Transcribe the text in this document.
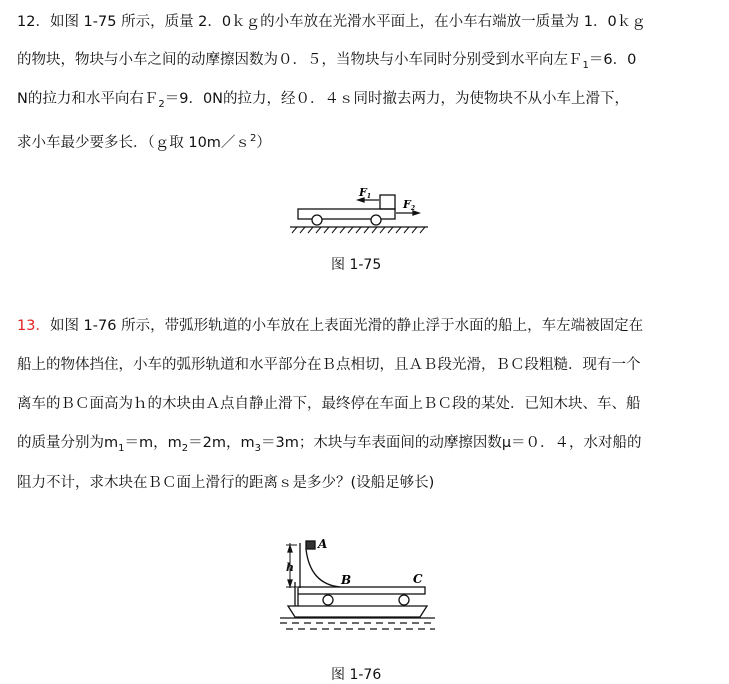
12．如图 1-75 所示，质量 2．0ｋｇ的小车放在光滑水平面上，在小车右端放一质量为 1．0ｋｇ
的物块，物块与小车之间的动摩擦因数为０．５，当物块与小车同时分别受到水平向左Ｆ$_1$＝6．0
N的拉力和水平向右Ｆ$_2$＝9．0N的拉力，经０．４ｓ同时撤去两力，为使物块不从小车上滑下，
求小车最少要多长．（ｇ取 10m／ｓ$^2$）
F1
F2
A
B	C
h
图 1-75
13．如图 1-76 所示，带弧形轨道的小车放在上表面光滑的静止浮于水面的船上，车左端被固定在
船上的物体挡住，小车的弧形轨道和水平部分在Ｂ点相切，且ＡＢ段光滑，ＢＣ段粗糙．现有一个
离车的ＢＣ面高为ｈ的木块由Ａ点自静止滑下，最终停在车面上ＢＣ段的某处．已知木块、车、船
的质量分别为$m_1=m$，$m_2=2m$，$m_3=3m$；木块与车表面间的动摩擦因数μ＝０．４，水对船的
阻力不计，求木块在ＢＣ面上滑行的距离ｓ是多少？(设船足够长)
图 1-76
